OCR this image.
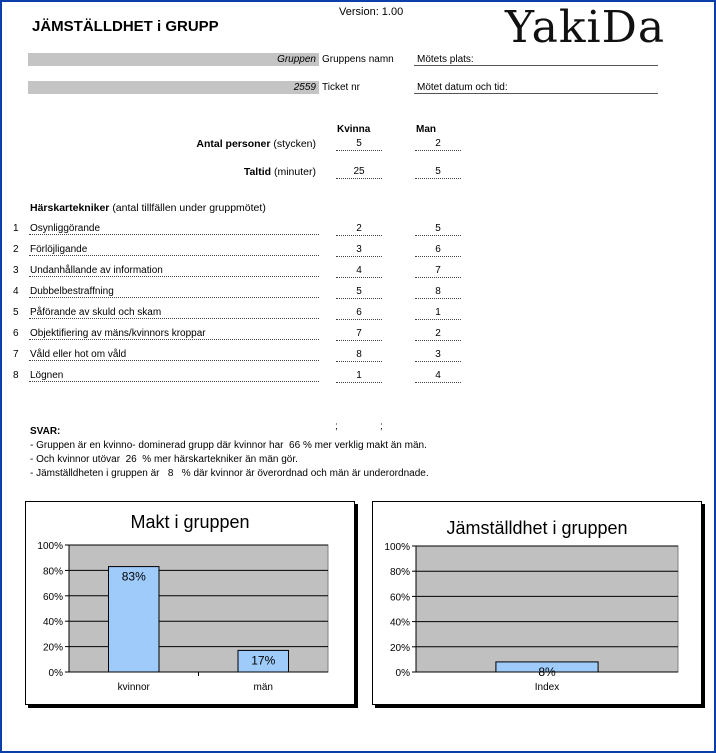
Version: 1.00
JÄMSTÄLLDHET i GRUPP	YakiDa
Gruppen Gruppens namn Mötets plats:
2559 Ticket nr	Mötet datum och tid:
Kvinna	Man
Antal personer (stycken)	5	2
Taltid (minuter)	25	5
Härskartekniker (antal tillfällen under gruppmötet)
1 Osynliggörande	2	5
2 Förlöjligande	3	6
3 Undanhållande av information	4	7
4 Dubbelbestraffning	5	8
5 Påförande av skuld och skam	6	1
6 Objektifiering av mäns/kvinnors kroppar	7	2
7 Våld eller hot om våld	8	3
8 Lögnen	1	4
SVAR:	;	;
- Gruppen är en kvinno- dominerad grupp där kvinnor har 66 % mer verklig makt än män.
- Och kvinnor utövar 26 % mer härskartekniker än män gör.
- Jämställdheten i gruppen är 8 % där kvinnor är överordnad och män är underordnade.
Makt i gruppen
0%
20%
40%
60%
80%
100%
83%
kvinnor
17%
män
Jämställdhet i gruppen
0%
20%
40%
60%
80%
100%
8%
Index
